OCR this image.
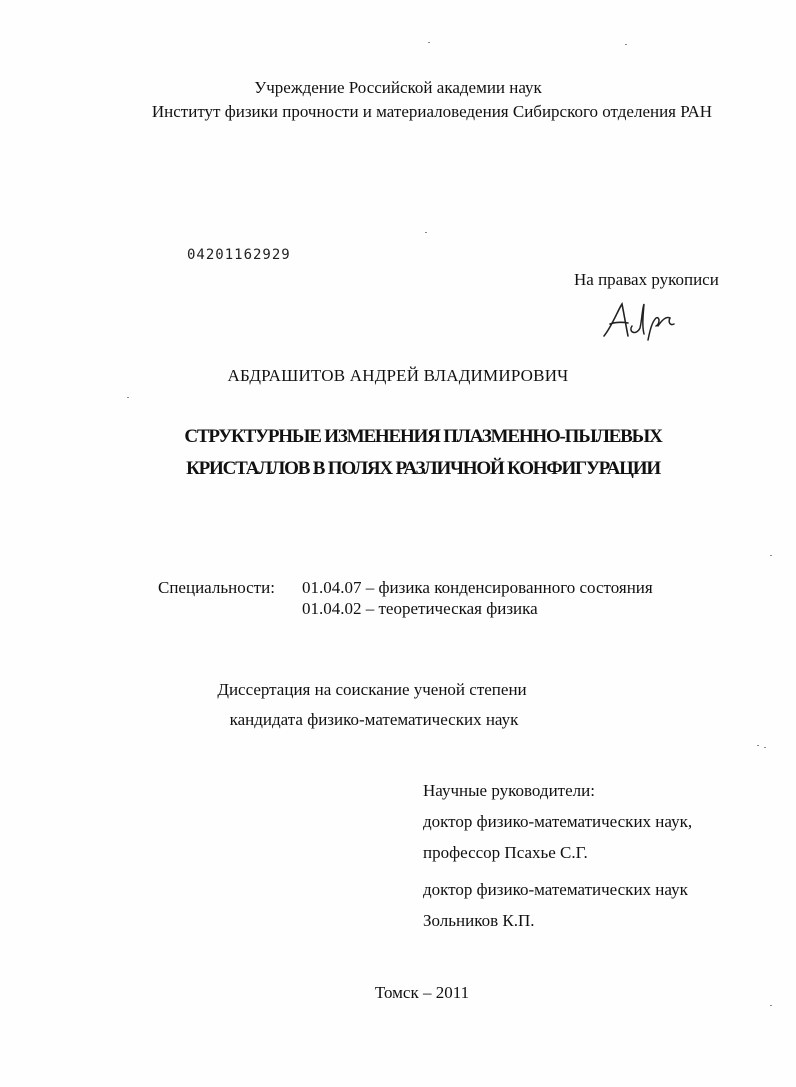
Учреждение Российской академии наук
Институт физики прочности и материаловедения Сибирского отделения РАН
04201162929
На правах рукописи
АБДРАШИТОВ АНДРЕЙ ВЛАДИМИРОВИЧ
СТРУКТУРНЫЕ ИЗМЕНЕНИЯ ПЛАЗМЕННО-ПЫЛЕВЫХ
КРИСТАЛЛОВ В ПОЛЯХ РАЗЛИЧНОЙ КОНФИГУРАЦИИ
Специальности: 01.04.07 – физика конденсированного состояния
01.04.02 – теоретическая физика
Диссертация на соискание ученой степени
кандидата физико-математических наук
Научные руководители:
доктор физико-математических наук,
профессор Псахье С.Г.
доктор физико-математических наук
Зольников К.П.
Томск – 2011
